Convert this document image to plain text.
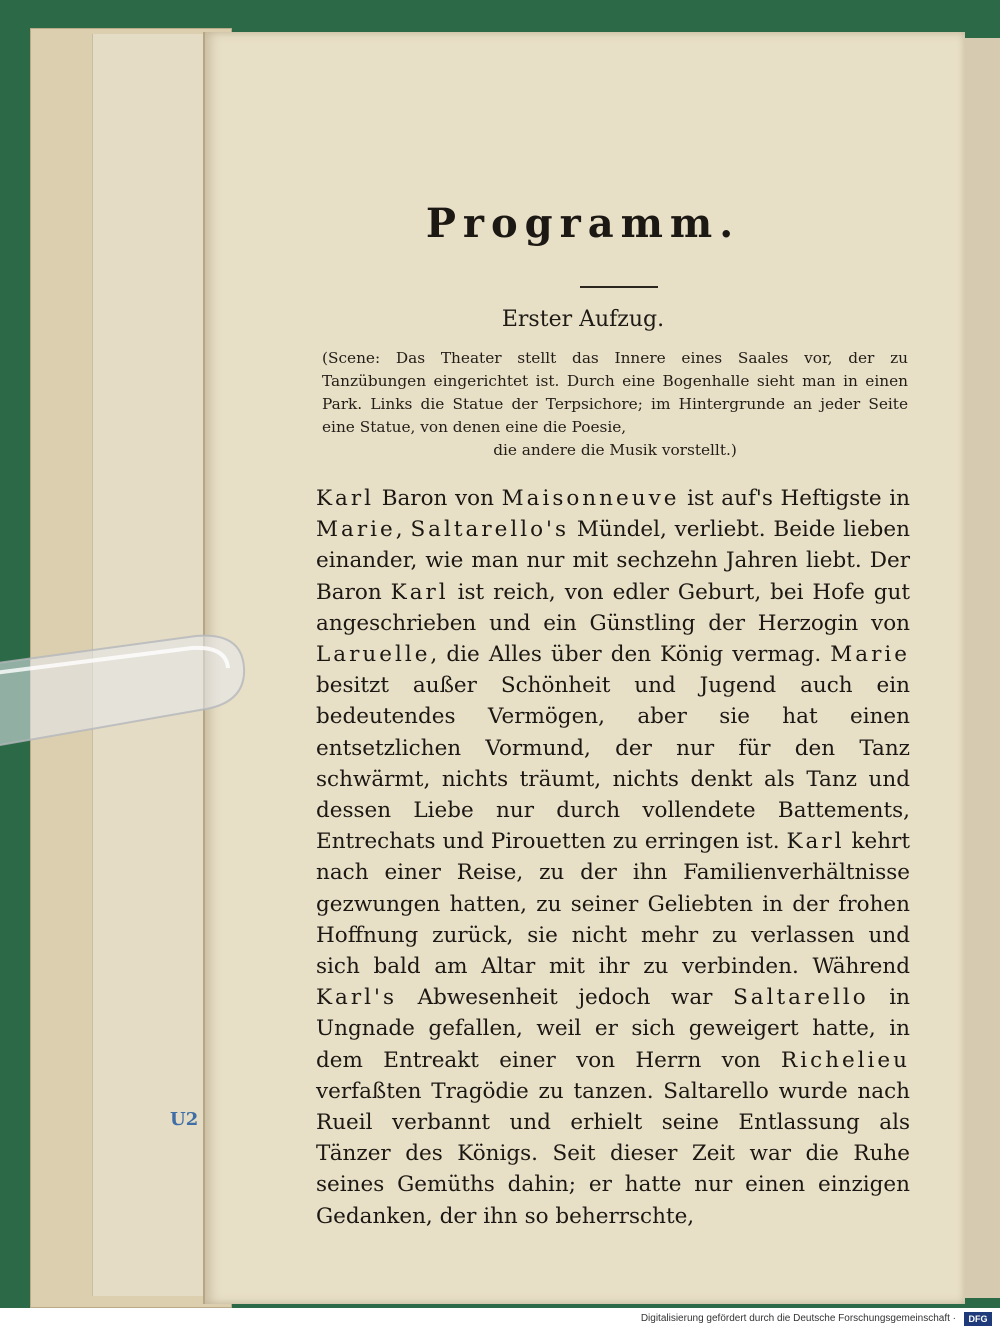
Programm.
Erster Aufzug.
(Scene: Das Theater stellt das Innere eines Saales vor, der zu Tanzübungen eingerichtet ist. Durch eine Bogenhalle sieht man in einen Park. Links die Statue der Terpsichore; im Hintergrunde an jeder Seite eine Statue, von denen eine die Poesie,
die andere die Musik vorstellt.)
Karl Baron von Maisonneuve ist auf's Heftigste in Marie, Saltarello's Mündel, verliebt. Beide lieben einander, wie man nur mit sechzehn Jahren liebt. Der Baron Karl ist reich, von edler Geburt, bei Hofe gut angeschrieben und ein Günstling der Herzogin von Laruelle, die Alles über den König vermag. Marie besitzt außer Schönheit und Jugend auch ein bedeutendes Vermögen, aber sie hat einen entsetzlichen Vormund, der nur für den Tanz schwärmt, nichts träumt, nichts denkt als Tanz und dessen Liebe nur durch vollendete Battements, Entrechats und Pirouetten zu erringen ist. Karl kehrt nach einer Reise, zu der ihn Familienverhältnisse gezwungen hatten, zu seiner Geliebten in der frohen Hoffnung zurück, sie nicht mehr zu verlassen und sich bald am Altar mit ihr zu verbinden. Während Karl's Abwesenheit jedoch war Saltarello in Ungnade gefallen, weil er sich geweigert hatte, in dem Entreakt einer von Herrn von Richelieu verfaßten Tragödie zu tanzen. Saltarello wurde nach Rueil verbannt und erhielt seine Entlassung als Tänzer des Königs. Seit dieser Zeit war die Ruhe seines Gemüths dahin; er hatte nur einen einzigen Gedanken, der ihn so beherrschte,
U2
Digitalisierung gefördert durch die Deutsche Forschungsgemeinschaft ·	DFG
